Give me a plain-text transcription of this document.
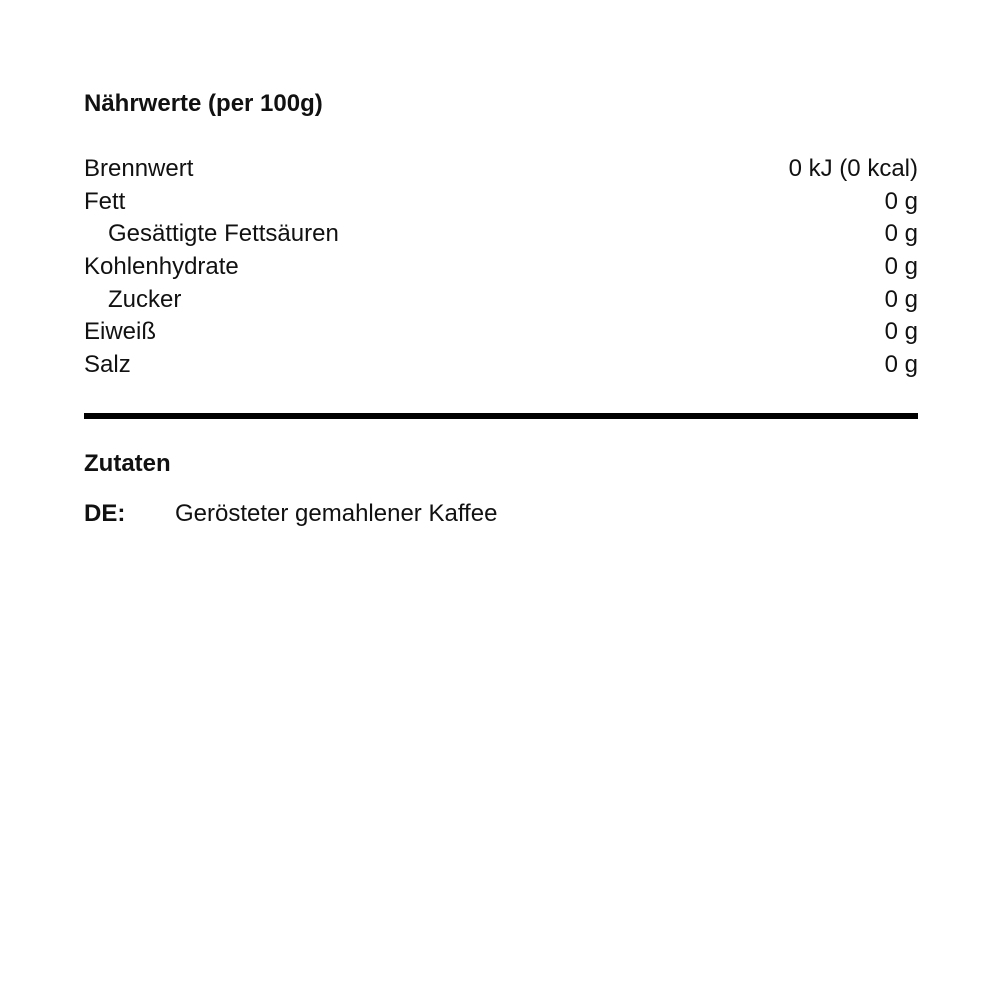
Nährwerte (per 100g)
Brennwert	0 kJ (0 kcal)
Fett	0 g
Gesättigte Fettsäuren	0 g
Kohlenhydrate	0 g
Zucker	0 g
Eiweiß	0 g
Salz	0 g
Zutaten
DE:	Gerösteter gemahlener Kaffee
